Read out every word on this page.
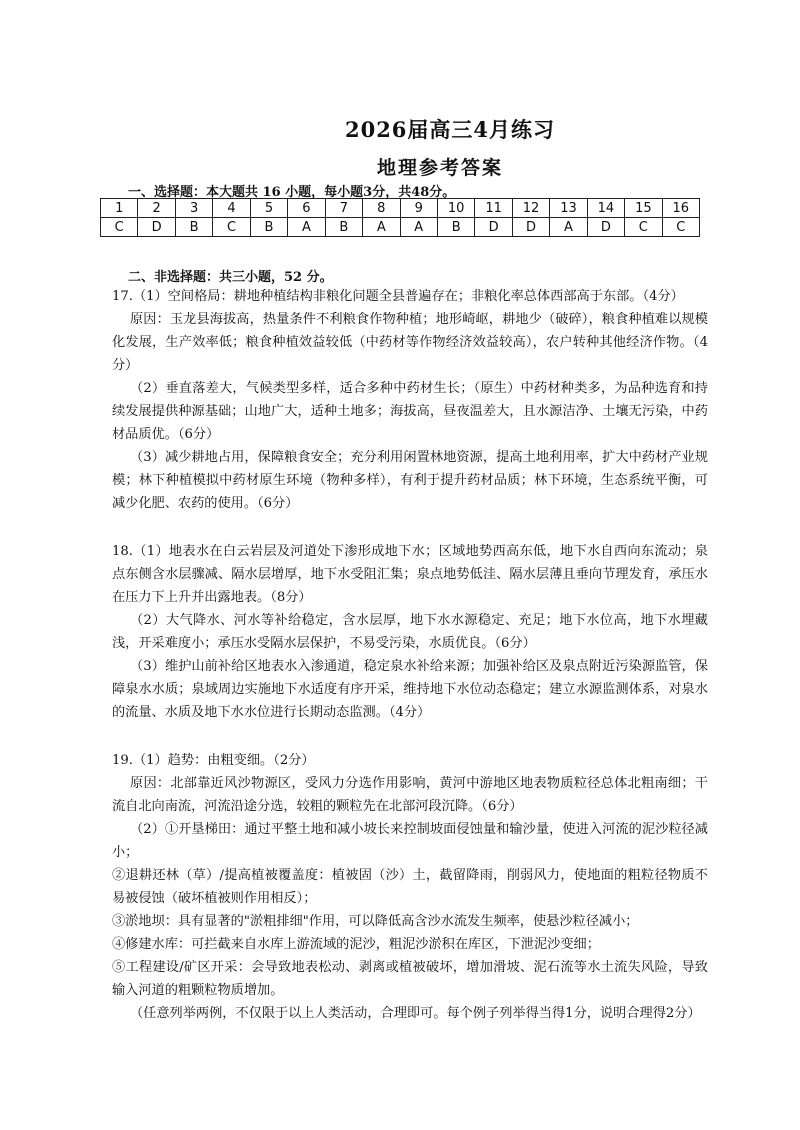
2026届高三4月练习
地理参考答案
一、选择题：本大题共 16 小题，每小题3分，共48分。
1	2	3	4	5	6	7	8	9	10	11	12	13	14	15	16
C	D	B	C	B	A	B	A	A	B	D	D	A	D	C	C
二、非选择题：共三小题，52 分。

17.（1）空间格局：耕地种植结构非粮化问题全县普遍存在；非粮化率总体西部高于东部。（4分）

原因：玉龙县海拔高，热量条件不利粮食作物种植；地形崎岖，耕地少（破碎），粮食种植难以规模化发展，生产效率低；粮食种植效益较低（中药材等作物经济效益较高），农户转种其他经济作物。（4分）

（2）垂直落差大，气候类型多样，适合多种中药材生长；（原生）中药材种类多，为品种选育和持续发展提供种源基础；山地广大，适种土地多；海拔高，昼夜温差大，且水源洁净、土壤无污染，中药材品质优。（6分）

（3）减少耕地占用，保障粮食安全；充分利用闲置林地资源，提高土地利用率，扩大中药材产业规模；林下种植模拟中药材原生环境（物种多样），有利于提升药材品质；林下环境，生态系统平衡，可减少化肥、农药的使用。（6分）

18.（1）地表水在白云岩层及河道处下渗形成地下水；区域地势西高东低，地下水自西向东流动；泉点东侧含水层骤减、隔水层增厚，地下水受阻汇集；泉点地势低洼、隔水层薄且垂向节理发育，承压水在压力下上升并出露地表。（8分）

（2）大气降水、河水等补给稳定，含水层厚，地下水水源稳定、充足；地下水位高，地下水埋藏浅，开采难度小；承压水受隔水层保护，不易受污染，水质优良。（6分）

（3）维护山前补给区地表水入渗通道，稳定泉水补给来源；加强补给区及泉点附近污染源监管，保障泉水水质；泉域周边实施地下水适度有序开采，维持地下水位动态稳定；建立水源监测体系，对泉水的流量、水质及地下水水位进行长期动态监测。（4分）

19.（1）趋势：由粗变细。（2分）

原因：北部靠近风沙物源区，受风力分选作用影响，黄河中游地区地表物质粒径总体北粗南细；干流自北向南流，河流沿途分选，较粗的颗粒先在北部河段沉降。（6分）

（2）①开垦梯田：通过平整土地和减小坡长来控制坡面侵蚀量和输沙量，使进入河流的泥沙粒径减小；

②退耕还林（草）/提高植被覆盖度：植被固（沙）土，截留降雨，削弱风力，使地面的粗粒径物质不易被侵蚀（破坏植被则作用相反）；

③淤地坝：具有显著的"淤粗排细"作用，可以降低高含沙水流发生频率，使悬沙粒径减小；

④修建水库：可拦截来自水库上游流域的泥沙，粗泥沙淤积在库区，下泄泥沙变细；

⑤工程建设/矿区开采：会导致地表松动、剥离或植被破坏，增加滑坡、泥石流等水土流失风险，导致输入河道的粗颗粒物质增加。

（任意列举两例，不仅限于以上人类活动，合理即可。每个例子列举得当得1分，说明合理得2分）
